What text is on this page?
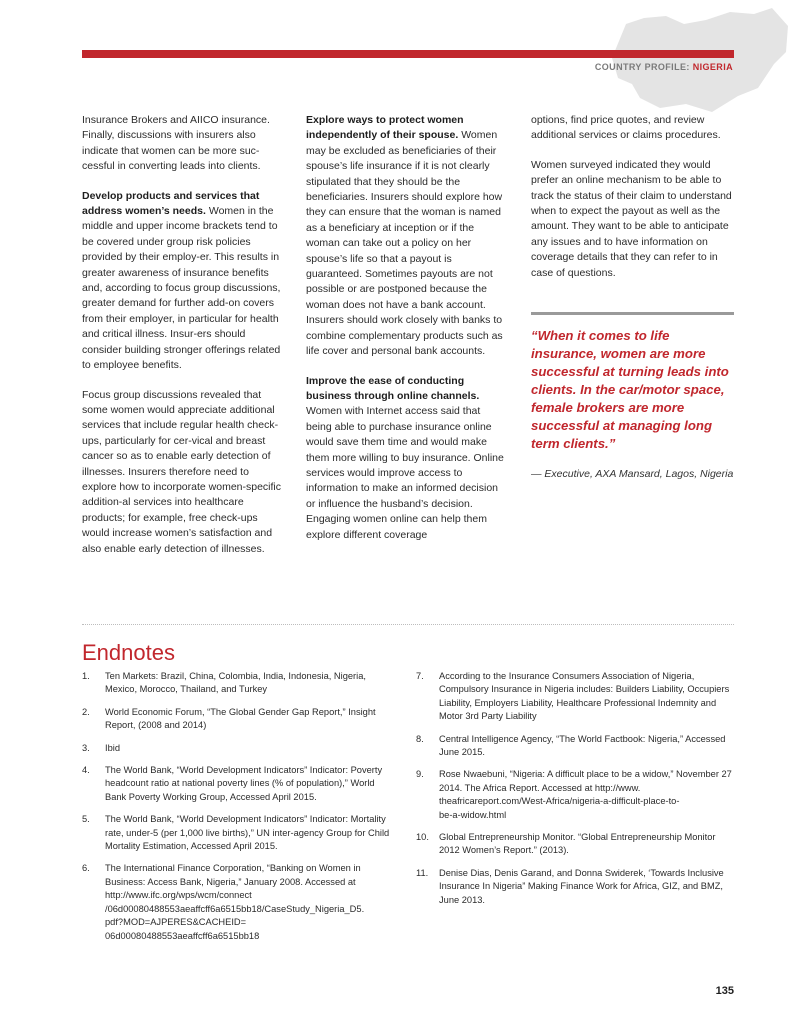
COUNTRY PROFILE: NIGERIA

Insurance Brokers and AIICO insurance. Finally, discussions with insurers also indicate that women can be more suc-cessful in converting leads into clients.

Develop products and services that address women’s needs. Women in the middle and upper income brackets tend to be covered under group risk policies provided by their employ-er. This results in greater awareness of insurance benefits and, according to focus group discussions, greater demand for further add-on covers from their employer, in particular for health and critical illness. Insur-ers should consider building stronger offerings related to employee benefits.

Focus group discussions revealed that some women would appreciate additional services that include regular health check-ups, particularly for cer-vical and breast cancer so as to enable early detection of illnesses. Insurers therefore need to explore how to incorporate women-specific addition-al services into healthcare products; for example, free check-ups would increase women’s satisfaction and also enable early detection of illnesses.

Explore ways to protect women independently of their spouse. Women may be excluded as beneficiaries of their spouse’s life insurance if it is not clearly stipulated that they should be the beneficiaries. Insurers should explore how they can ensure that the woman is named as a beneficiary at inception or if the woman can take out a policy on her spouse’s life so that a payout is guaranteed. Sometimes payouts are not possible or are postponed because the woman does not have a bank account. Insurers should work closely with banks to combine complementary products such as life cover and personal bank accounts.

Improve the ease of conducting business through online channels. Women with Internet access said that being able to purchase insurance online would save them time and would make them more willing to buy insurance. Online services would improve access to information to make an informed decision or influence the husband’s decision. Engaging women online can help them explore different coverage

options, find price quotes, and review additional services or claims procedures.

Women surveyed indicated they would prefer an online mechanism to be able to track the status of their claim to understand when to expect the payout as well as the amount. They want to be able to anticipate any issues and to have information on coverage details that they can refer to in case of questions.

“When it comes to life insurance, women are more successful at turning leads into clients. In the car/motor space, female brokers are more successful at managing long term clients.”

— Executive, AXA Mansard, Lagos, Nigeria

Endnotes
1. Ten Markets: Brazil, China, Colombia, India, Indonesia, Nigeria, Mexico, Morocco, Thailand, and Turkey
2. World Economic Forum, “The Global Gender Gap Report,” Insight Report, (2008 and 2014)
3. Ibid
4. The World Bank, “World Development Indicators” Indicator: Poverty headcount ratio at national poverty lines (% of population),” World Bank Poverty Working Group, Accessed April 2015.
5. The World Bank, “World Development Indicators” Indicator: Mortality rate, under-5 (per 1,000 live births),” UN inter-agency Group for Child Mortality Estimation, Accessed April 2015.
6. The International Finance Corporation, “Banking on Women in Business: Access Bank, Nigeria,” January 2008. Accessed at
http://www.ifc.org/wps/wcm/connect
/06d00080488553aeaffcff6a6515bb18/CaseStudy_Nigeria_D5.
pdf?MOD=AJPERES&CACHEID=
06d00080488553aeaffcff6a6515bb18
7. According to the Insurance Consumers Association of Nigeria, Compulsory Insurance in Nigeria includes: Builders Liability, Occupiers Liability, Employers Liability, Healthcare Professional Indemnity and Motor 3rd Party Liability
8. Central Intelligence Agency, “The World Factbook: Nigeria,” Accessed June 2015.
9. Rose Nwaebuni, “Nigeria: A difficult place to be a widow,” November 27 2014. The Africa Report. Accessed at http://www.
theafricareport.com/West-Africa/nigeria-a-difficult-place-to-
be-a-widow.html
10. Global Entrepreneurship Monitor. “Global Entrepreneurship Monitor 2012 Women’s Report.” (2013).
11. Denise Dias, Denis Garand, and Donna Swiderek, ‘Towards Inclusive Insurance In Nigeria” Making Finance Work for Africa, GIZ, and BMZ, June 2013.
135
